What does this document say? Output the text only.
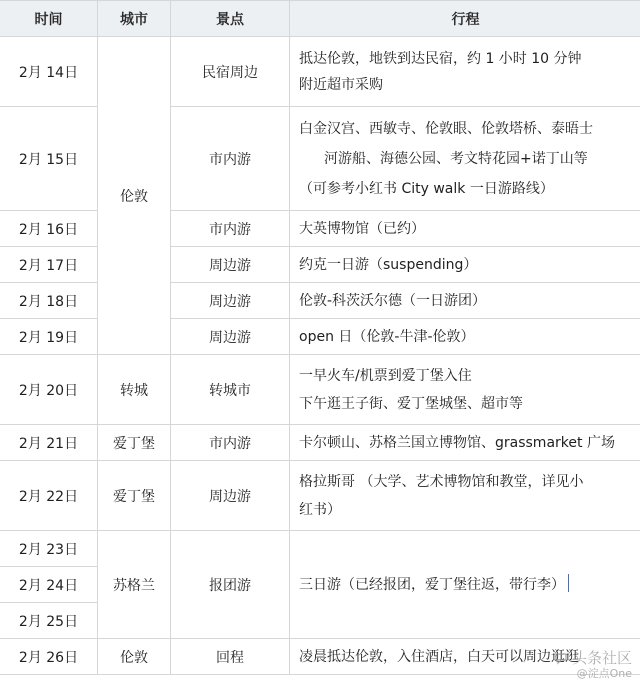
时间	城市	景点	行程
2月 14日	伦敦	民宿周边	抵达伦敦，地铁到达民宿，约 1 小时 10 分钟
附近超市采购

2月 15日		市内游	白金汉宫、西敏寺、伦敦眼、伦敦塔桥、泰晤士
河游船、海德公园、考文特花园+诺丁山等
（可参考小红书 City walk 一日游路线）

2月 16日		市内游	大英博物馆（已约）

2月 17日		周边游	约克一日游（suspending）

2月 18日		周边游	伦敦-科茨沃尔德（一日游团）

2月 19日		周边游	open 日（伦敦-牛津-伦敦）

2月 20日	转城	转城市	一早火车/机票到爱丁堡入住
下午逛王子街、爱丁堡城堡、超市等

2月 21日	爱丁堡	市内游	卡尔顿山、苏格兰国立博物馆、grassmarket 广场

2月 22日	爱丁堡	周边游	格拉斯哥 （大学、艺术博物馆和教堂，详见小
红书）

2月 23日	苏格兰	报团游	三日游（已经报团，爱丁堡往返，带行李）

2月 24日			
2月 25日			
2月 26日	伦敦	回程	凌晨抵达伦敦，入住酒店，白天可以周边逛逛
头条社区
@淀点One
